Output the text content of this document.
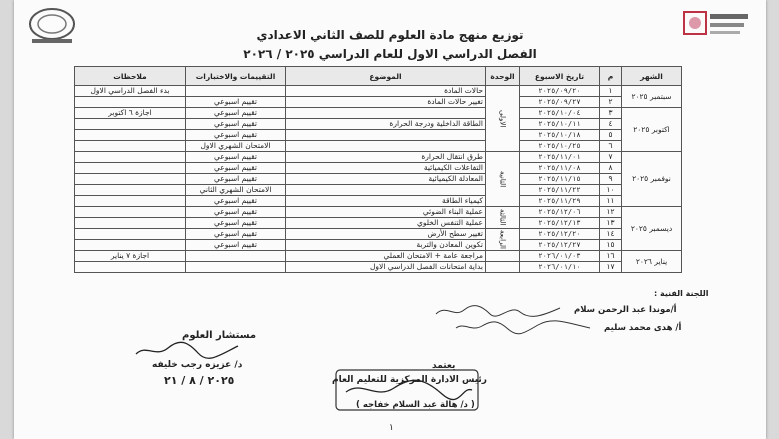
توزيع منهج مادة العلوم للصف الثاني الاعدادي
الفصل الدراسي الاول للعام الدراسي ٢٠٢٥ / ٢٠٢٦
الشهر	م	تاريخ الاسبوع	الوحدة	الموضوع	التقييمات والاختبارات	ملاحظات
سبتمبر ٢٠٢٥	١	٢٠٢٥/٠٩/٢٠	الاولى	حالات المادة		بدء الفصل الدراسي الاول
	٢	٢٠٢٥/٠٩/٢٧		تغيير حالات المادة	تقييم اسبوعي	
اكتوبر ٢٠٢٥	٣	٢٠٢٥/١٠/٠٤			تقييم اسبوعي	اجازة ٦ اكتوبر
	٤	٢٠٢٥/١٠/١١		الطاقة الداخلية ودرجة الحرارة	تقييم اسبوعي	
	٥	٢٠٢٥/١٠/١٨			تقييم اسبوعي	
	٦	٢٠٢٥/١٠/٢٥			الامتحان الشهري الاول	
نوفمبر ٢٠٢٥	٧	٢٠٢٥/١١/٠١	الثانية	طرق انتقال الحرارة	تقييم اسبوعي	
	٨	٢٠٢٥/١١/٠٨		التفاعلات الكيميائية	تقييم اسبوعي	
	٩	٢٠٢٥/١١/١٥		المعادلة الكيميائية	تقييم اسبوعي	
	١٠	٢٠٢٥/١١/٢٢			الامتحان الشهري الثاني	
	١١	٢٠٢٥/١١/٢٩		كيمياء الطاقة	تقييم اسبوعي	
ديسمبر ٢٠٢٥	١٢	٢٠٢٥/١٢/٠٦	الثالثة	عملية البناء الضوئي	تقييم اسبوعي	
	١٣	٢٠٢٥/١٢/١٣		عملية التنفس الخلوي	تقييم اسبوعي	
	١٤	٢٠٢٥/١٢/٢٠	الرابعة	تغيير سطح الأرض	تقييم اسبوعي	
	١٥	٢٠٢٥/١٢/٢٧		تكوين المعادن والتربة	تقييم اسبوعي	
يناير ٢٠٢٦	١٦	٢٠٢٦/٠١/٠٣		مراجعة عامة + الامتحان العملي		اجازة ٧ يناير
	١٧	٢٠٢٦/٠١/١٠		بداية امتحانات الفصل الدراسي الاول		
اللجنة الفنية :
أ/موندا عبد الرحمن سلام
أ/ هدى محمد سليم
مستشار العلوم
د/ عزيزه رجب خليفه
٢٠٢٥ / ٨ / ٢١
يعتمد
رئيس الادارة المركزية للتعليم العام
( د/ هالة عبد السلام خفاجه )
١
